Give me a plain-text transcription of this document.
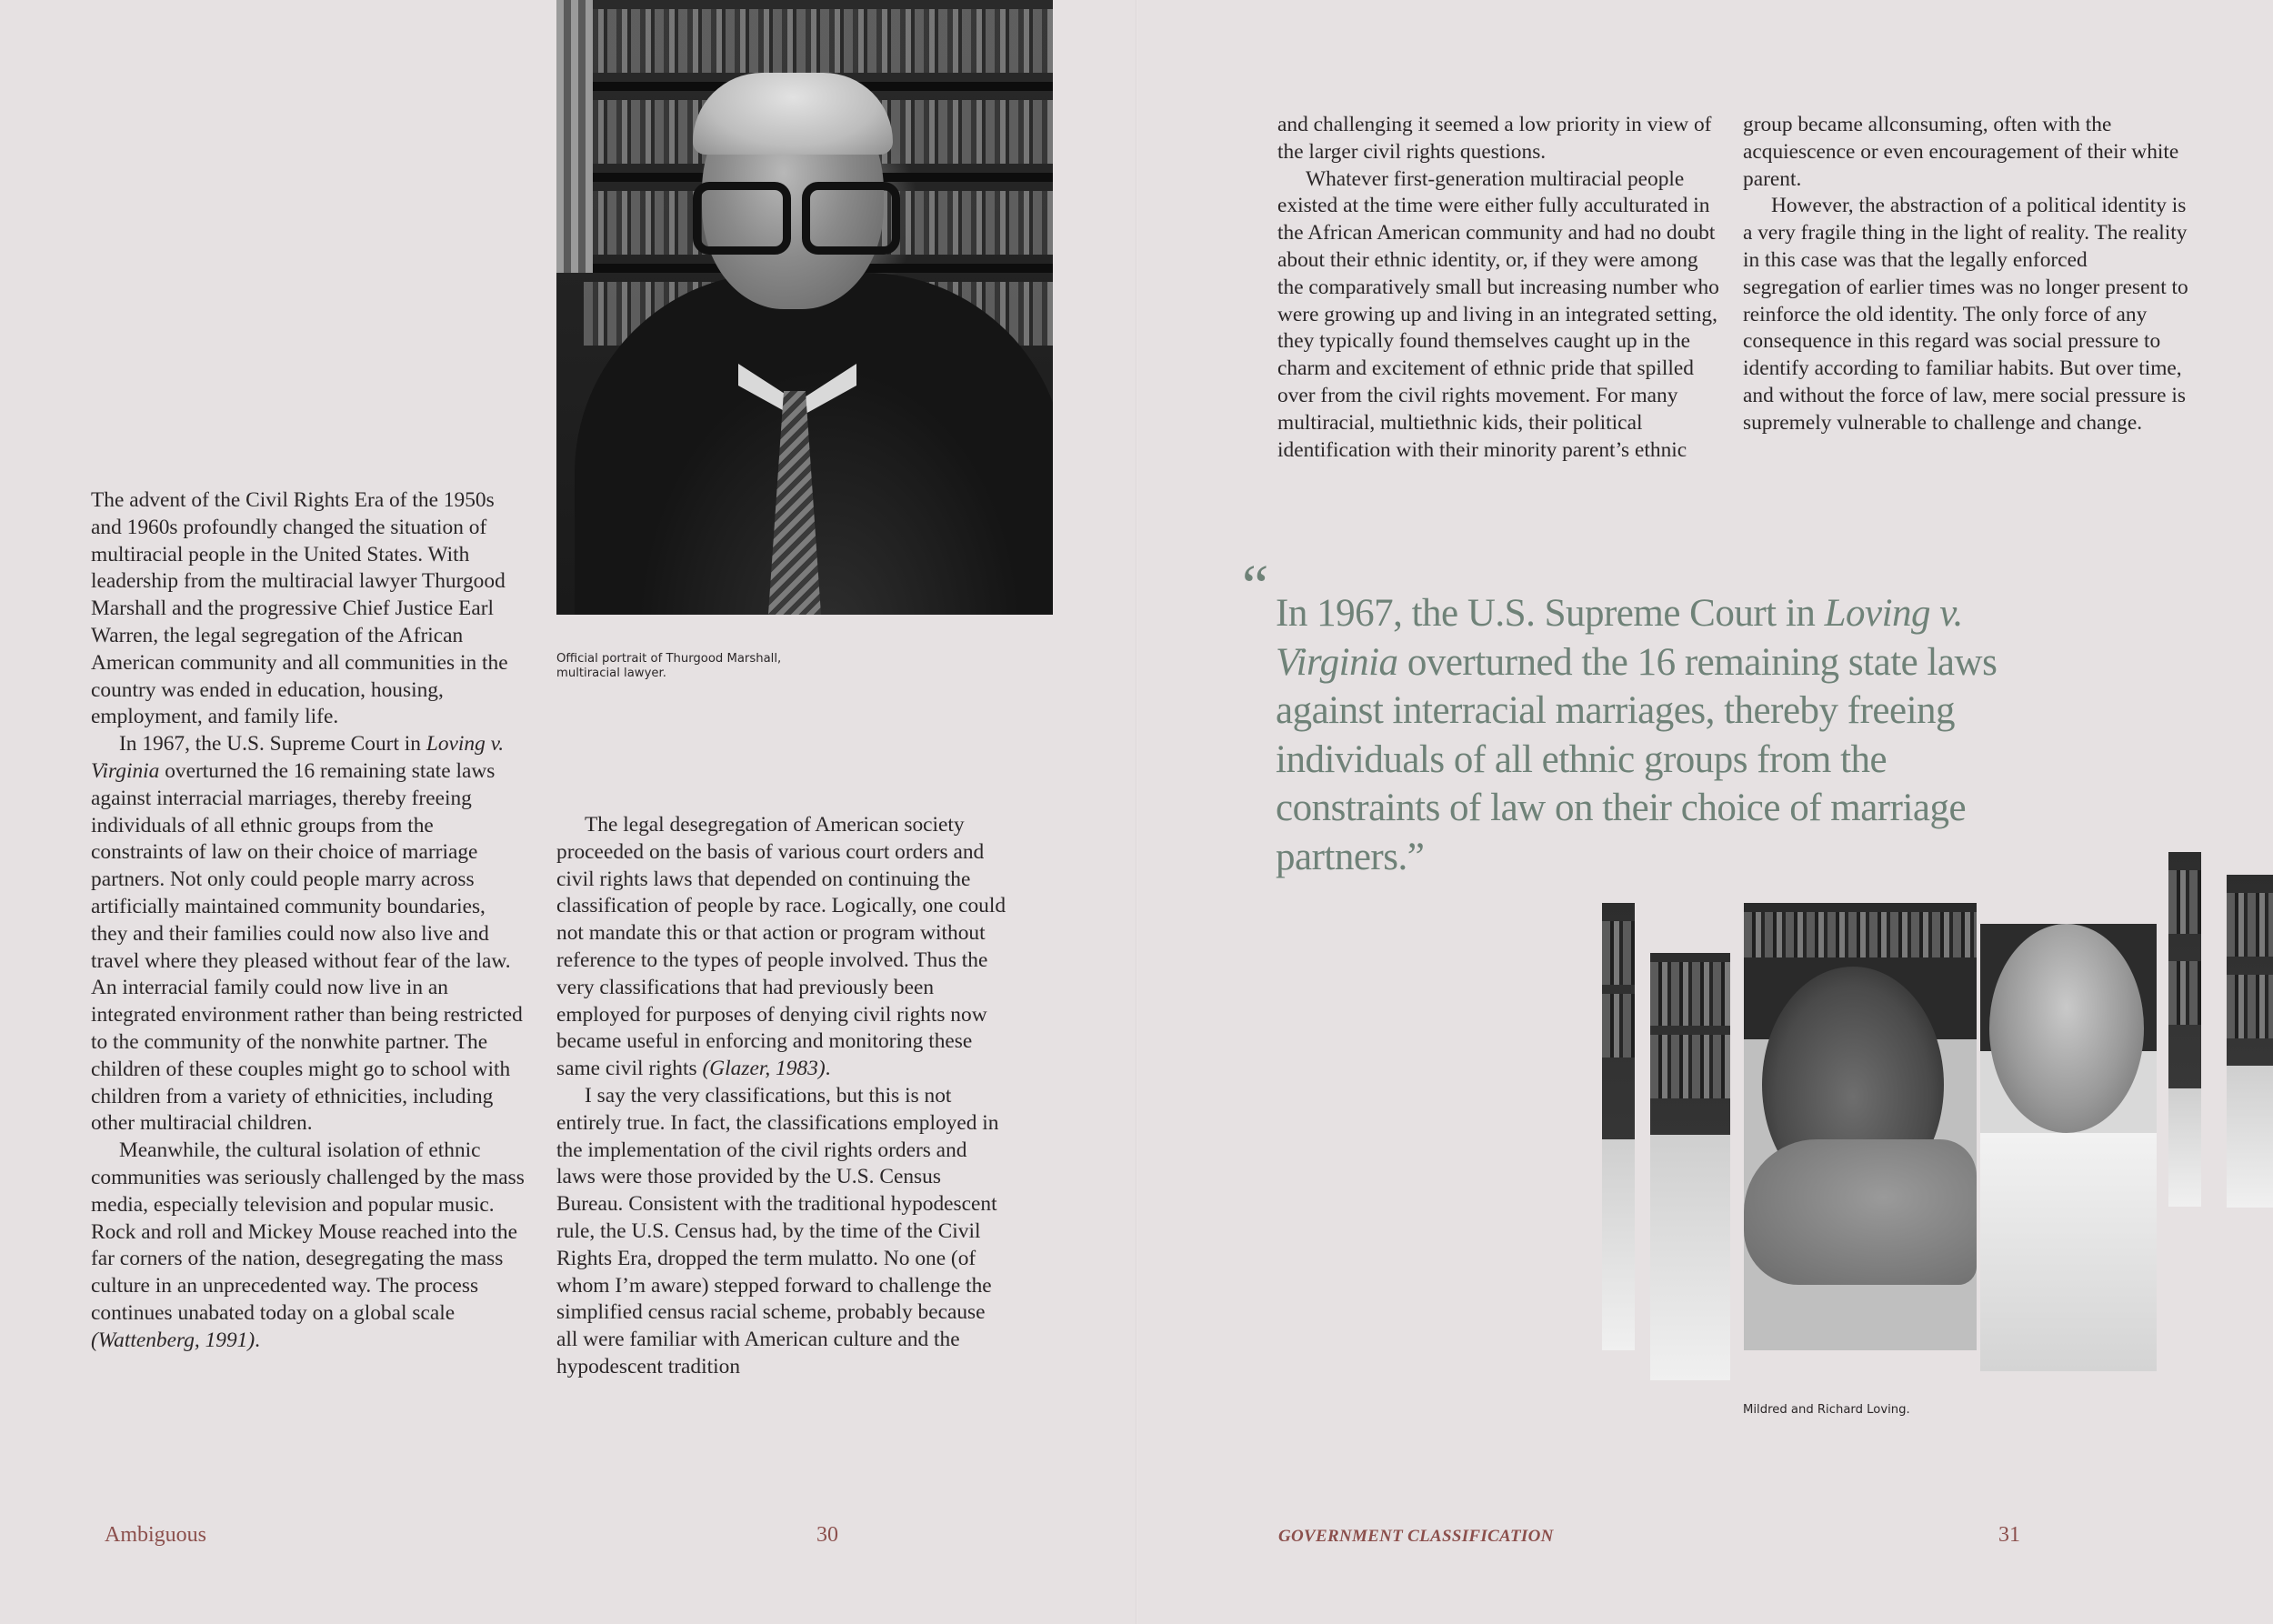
The advent of the Civil Rights Era of the 1950s and 1960s profoundly changed the situation of multiracial people in the United States. With leadership from the multiracial lawyer Thurgood Marshall and the progressive Chief Justice Earl Warren, the legal segregation of the African American community and all communities in the country was ended in education, housing, employment, and family life.

In 1967, the U.S. Supreme Court in Loving v. Virginia overturned the 16 remaining state laws against interracial marriages, thereby freeing individuals of all ethnic groups from the constraints of law on their choice of marriage partners. Not only could people marry across artificially maintained community boundaries, they and their families could now also live and travel where they pleased without fear of the law. An interracial family could now live in an integrated environment rather than being restricted to the community of the nonwhite partner. The children of these couples might go to school with children from a variety of ethnicities, including other multiracial children.

Meanwhile, the cultural isolation of ethnic communities was seriously challenged by the mass media, especially television and popular music. Rock and roll and Mickey Mouse reached into the far corners of the nation, desegregating the mass culture in an unprecedented way. The process continues unabated today on a global scale (Wattenberg, 1991).

Official portrait of Thurgood Marshall,
multiracial lawyer.

The legal desegregation of American society proceeded on the basis of various court orders and civil rights laws that depended on continuing the classification of people by race. Logically, one could not mandate this or that action or program without reference to the types of people involved. Thus the very classifications that had previously been employed for purposes of denying civil rights now became useful in enforcing and monitoring these same civil rights (Glazer, 1983).

I say the very classifications, but this is not entirely true. In fact, the classifications employed in the implementation of the civil rights orders and laws were those provided by the U.S. Census Bureau. Consistent with the traditional hypodescent rule, the U.S. Census had, by the time of the Civil Rights Era, dropped the term mulatto. No one (of whom I’m aware) stepped forward to challenge the simplified census racial scheme, probably because all were familiar with American culture and the hypodescent tradition

Ambiguous	30

and challenging it seemed a low priority in view of the larger civil rights questions.

Whatever first-generation multiracial people existed at the time were either fully acculturated in the African American community and had no doubt about their ethnic identity, or, if they were among the comparatively small but increasing number who were growing up and living in an integrated setting, they typically found themselves caught up in the charm and excitement of ethnic pride that spilled over from the civil rights movement. For many multiracial, multiethnic kids, their political identification with their minority parent’s ethnic

group became allconsuming, often with the acquiescence or even encouragement of their white parent.

However, the abstraction of a political identity is a very fragile thing in the light of reality. The reality in this case was that the legally enforced segregation of earlier times was no longer present to reinforce the old identity. The only force of any consequence in this regard was social pressure to identify according to familiar habits. But over time, and without the force of law, mere social pressure is supremely vulnerable to challenge and change.

“ In 1967, the U.S. Supreme Court in Loving v. Virginia overturned the 16 remaining state laws against interracial marriages, thereby freeing individuals of all ethnic groups from the constraints of law on their choice of marriage partners.”
Mildred and Richard Loving.
GOVERNMENT CLASSIFICATION	31
